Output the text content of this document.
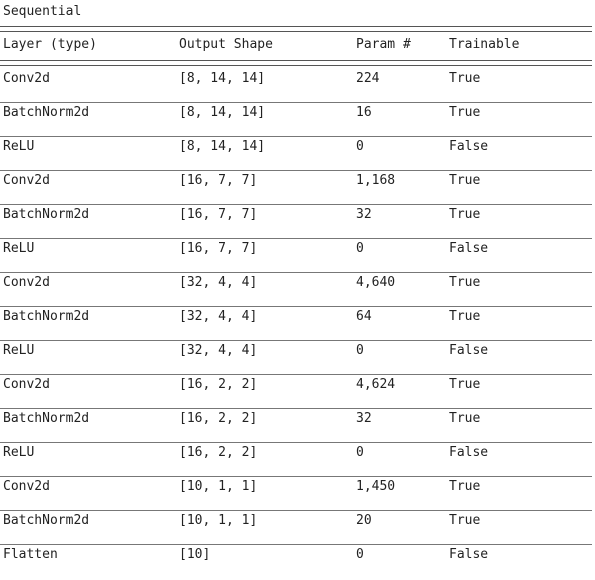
Sequential
Layer (type)	Output Shape	Param #	Trainable
Conv2d	[8, 14, 14]	224	True
BatchNorm2d	[8, 14, 14]	16	True
ReLU	[8, 14, 14]	0	False
Conv2d	[16, 7, 7]	1,168	True
BatchNorm2d	[16, 7, 7]	32	True
ReLU	[16, 7, 7]	0	False
Conv2d	[32, 4, 4]	4,640	True
BatchNorm2d	[32, 4, 4]	64	True
ReLU	[32, 4, 4]	0	False
Conv2d	[16, 2, 2]	4,624	True
BatchNorm2d	[16, 2, 2]	32	True
ReLU	[16, 2, 2]	0	False
Conv2d	[10, 1, 1]	1,450	True
BatchNorm2d	[10, 1, 1]	20	True
Flatten	[10]	0	False
